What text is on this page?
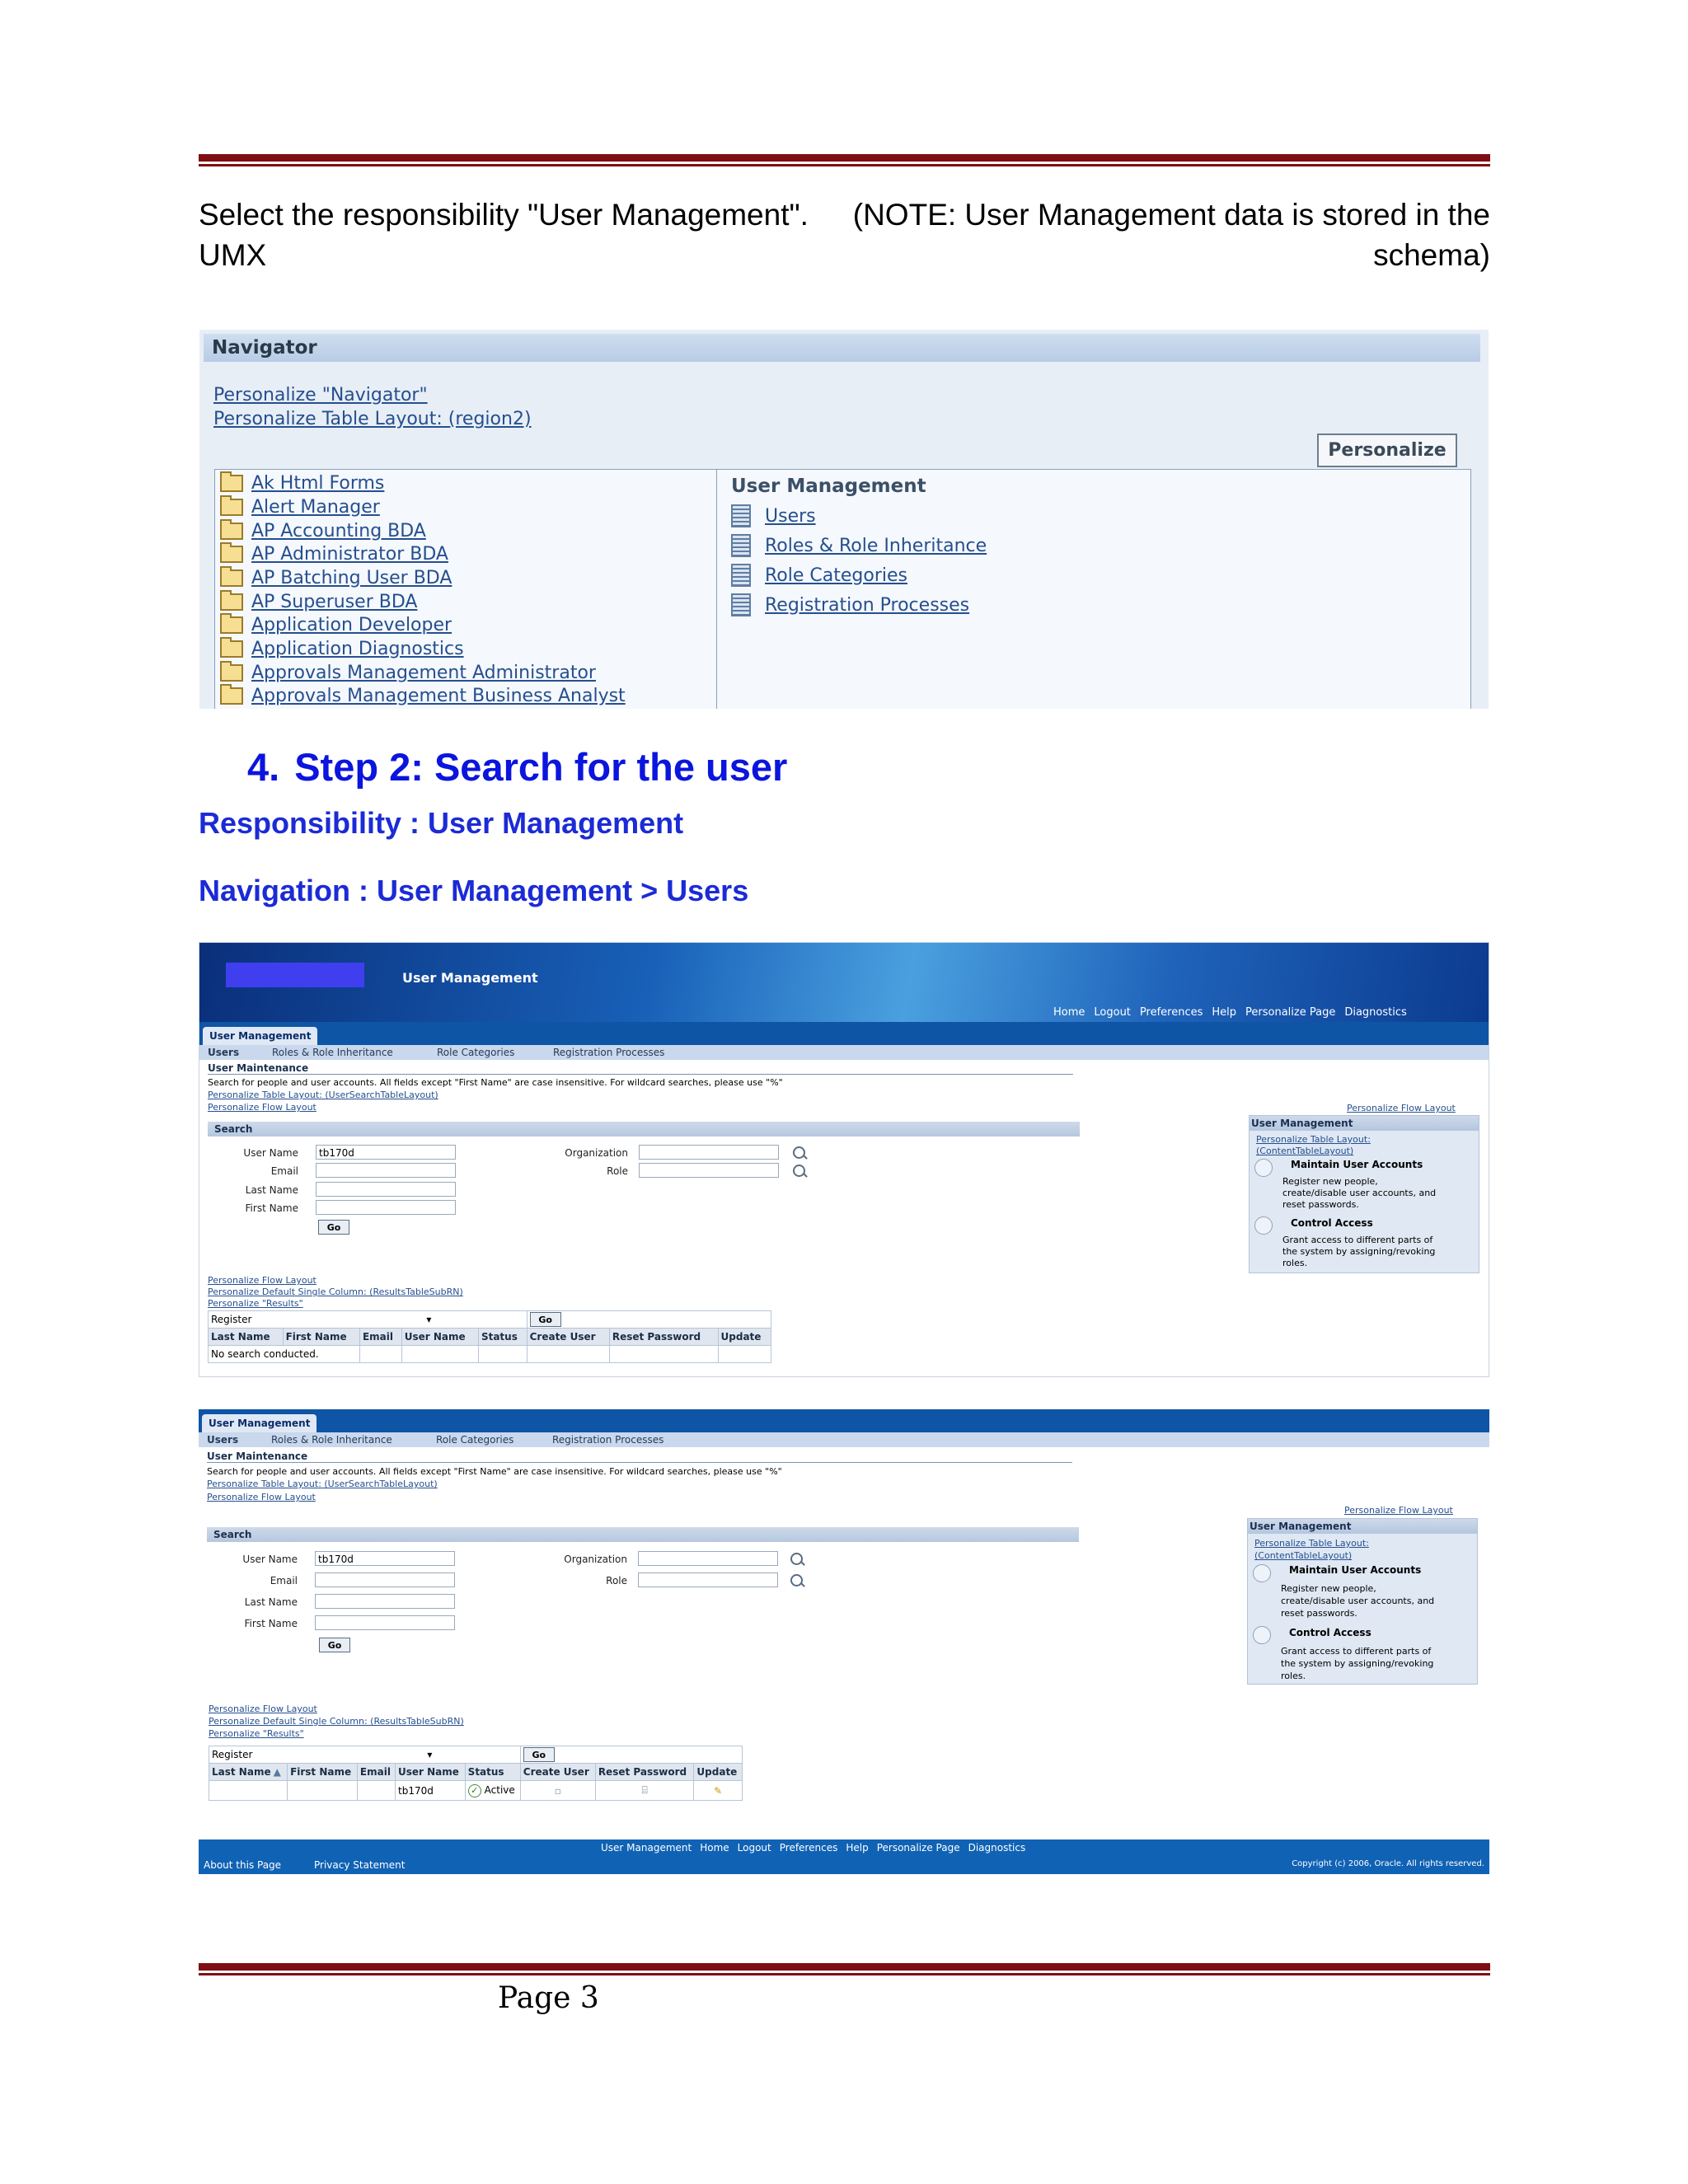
Select the responsibility "User Management". (NOTE: User Management data is stored in the
UMX	schema)
Navigator
Personalize "Navigator"
Personalize Table Layout: (region2)
Personalize
Ak Html Forms
Alert Manager
AP Accounting BDA
AP Administrator BDA
AP Batching User BDA
AP Superuser BDA
Application Developer
Application Diagnostics
Approvals Management Administrator
Approvals Management Business Analyst
User Management
Users
Roles & Role Inheritance
Role Categories
Registration Processes
4. Step 2: Search for the user
Responsibility : User Management
Navigation : User Management > Users
User Management
Home Logout Preferences Help Personalize Page Diagnostics
User Management
Users	Roles & Role Inheritance	Role Categories	Registration Processes
User Maintenance
Search for people and user accounts. All fields except "First Name" are case insensitive. For wildcard searches, please use "%"
Personalize Table Layout: (UserSearchTableLayout)
Personalize Flow Layout
Search
User Name	tb170d
Email
Last Name
First Name
Go
Organization
Role
Personalize Flow Layout
User Management
Personalize Table Layout:
(ContentTableLayout)
Maintain User Accounts
Register new people,
create/disable user accounts, and
reset passwords.
Control Access
Grant access to different parts of
the system by assigning/revoking
roles.
Personalize Flow Layout
Personalize Default Single Column: (ResultsTableSubRN)
Personalize "Results"
Register ▾					Go		
Last Name	First Name	Email	User Name	Status	Create User	Reset Password	Update
No search conducted.							
User Management
Users	Roles & Role Inheritance	Role Categories	Registration Processes
User Maintenance
Search for people and user accounts. All fields except "First Name" are case insensitive. For wildcard searches, please use "%"
Personalize Table Layout: (UserSearchTableLayout)
Personalize Flow Layout
Search
User Name	tb170d
Email
Last Name
First Name
Go
Organization
Role
Personalize Flow Layout
User Management
Personalize Table Layout:
(ContentTableLayout)
Maintain User Accounts
Register new people,
create/disable user accounts, and
reset passwords.
Control Access
Grant access to different parts of
the system by assigning/revoking
roles.
Personalize Flow Layout
Personalize Default Single Column: (ResultsTableSubRN)
Personalize "Results"
Register ▾					Go		
Last Name ▲	First Name	Email	User Name	Status	Create User	Reset Password	Update
			tb170d	✓ Active	▫	⌸	✎
User Management Home Logout Preferences Help Personalize Page Diagnostics
About this Page	Privacy Statement	Copyright (c) 2006, Oracle. All rights reserved.
Page 3
